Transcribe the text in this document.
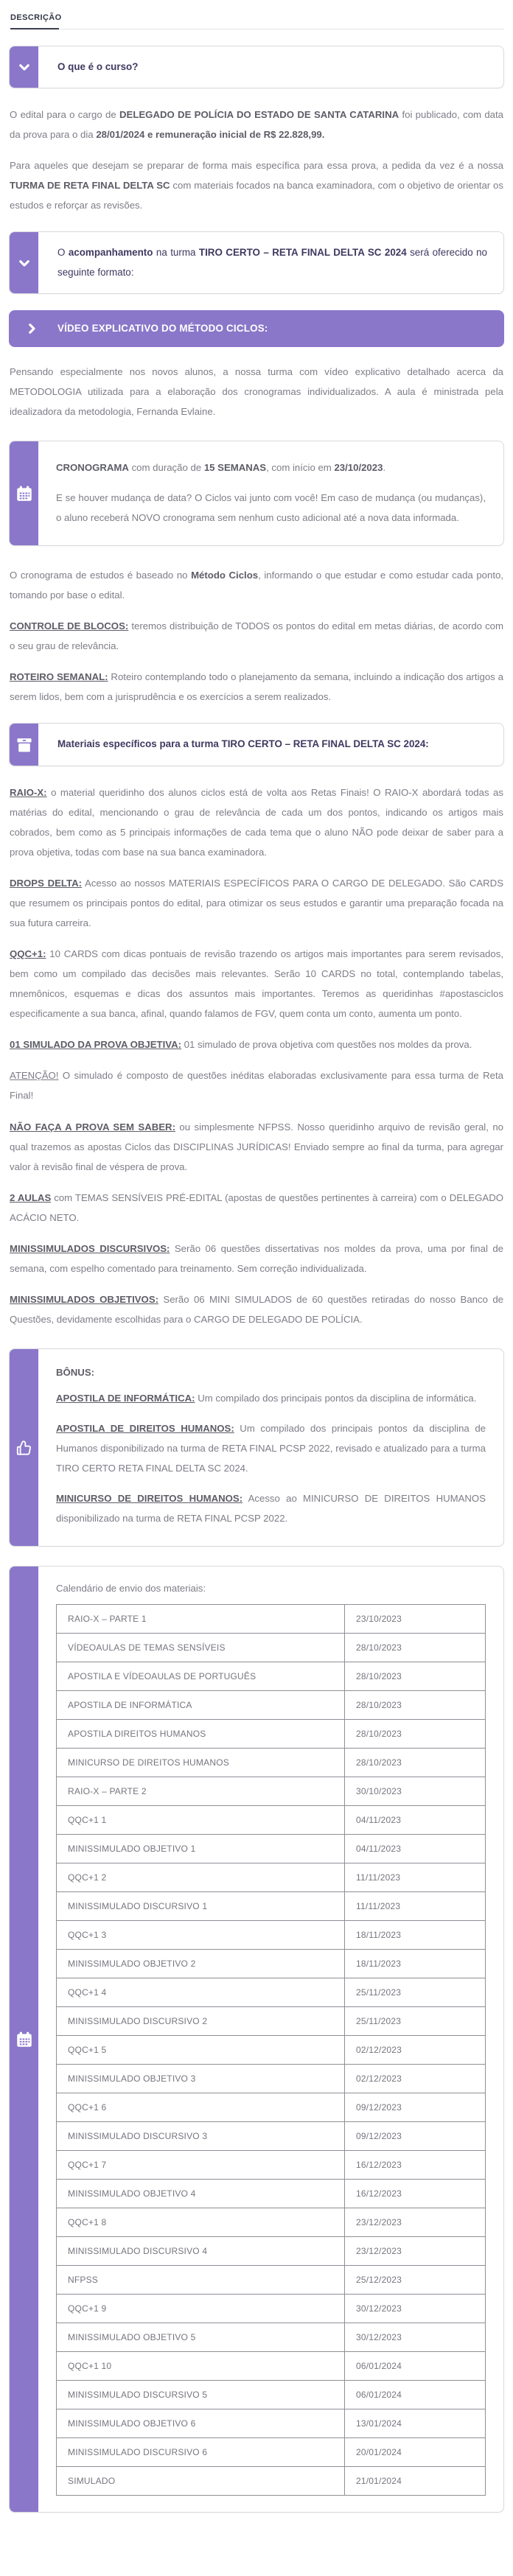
DESCRIÇÃO
O que é o curso?

O edital para o cargo de DELEGADO DE POLÍCIA DO ESTADO DE SANTA CATARINA foi publicado, com data da prova para o dia 28/01/2024 e remuneração inicial de R$ 22.828,99.

Para aqueles que desejam se preparar de forma mais específica para essa prova, a pedida da vez é a nossa TURMA DE RETA FINAL DELTA SC com materiais focados na banca examinadora, com o objetivo de orientar os estudos e reforçar as revisões.

O acompanhamento na turma TIRO CERTO – RETA FINAL DELTA SC 2024 será oferecido no seguinte formato:
VÍDEO EXPLICATIVO DO MÉTODO CICLOS:

Pensando especialmente nos novos alunos, a nossa turma com vídeo explicativo detalhado acerca da METODOLOGIA utilizada para a elaboração dos cronogramas individualizados. A aula é ministrada pela idealizadora da metodologia, Fernanda Evlaine.

CRONOGRAMA com duração de 15 SEMANAS, com início em 23/10/2023.

E se houver mudança de data? O Ciclos vai junto com você! Em caso de mudança (ou mudanças), o aluno receberá NOVO cronograma sem nenhum custo adicional até a nova data informada.

O cronograma de estudos é baseado no Método Ciclos, informando o que estudar e como estudar cada ponto, tomando por base o edital.

CONTROLE DE BLOCOS: teremos distribuição de TODOS os pontos do edital em metas diárias, de acordo com o seu grau de relevância.

ROTEIRO SEMANAL: Roteiro contemplando todo o planejamento da semana, incluindo a indicação dos artigos a serem lidos, bem com a jurisprudência e os exercícios a serem realizados.

Materiais específicos para a turma TIRO CERTO – RETA FINAL DELTA SC 2024:

RAIO-X: o material queridinho dos alunos ciclos está de volta aos Retas Finais! O RAIO-X abordará todas as matérias do edital, mencionando o grau de relevância de cada um dos pontos, indicando os artigos mais cobrados, bem como as 5 principais informações de cada tema que o aluno NÃO pode deixar de saber para a prova objetiva, todas com base na sua banca examinadora.

DROPS DELTA: Acesso ao nossos MATERIAIS ESPECÍFICOS PARA O CARGO DE DELEGADO. São CARDS que resumem os principais pontos do edital, para otimizar os seus estudos e garantir uma preparação focada na sua futura carreira.

QQC+1: 10 CARDS com dicas pontuais de revisão trazendo os artigos mais importantes para serem revisados, bem como um compilado das decisões mais relevantes. Serão 10 CARDS no total, contemplando tabelas, mnemônicos, esquemas e dicas dos assuntos mais importantes. Teremos as queridinhas #apostasciclos especificamente a sua banca, afinal, quando falamos de FGV, quem conta um conto, aumenta um ponto.

01 SIMULADO DA PROVA OBJETIVA: 01 simulado de prova objetiva com questões nos moldes da prova.

ATENÇÃO! O simulado é composto de questões inéditas elaboradas exclusivamente para essa turma de Reta Final!

NÃO FAÇA A PROVA SEM SABER: ou simplesmente NFPSS. Nosso queridinho arquivo de revisão geral, no qual trazemos as apostas Ciclos das DISCIPLINAS JURÍDICAS! Enviado sempre ao final da turma, para agregar valor à revisão final de véspera de prova.

2 AULAS com TEMAS SENSÍVEIS PRÉ-EDITAL (apostas de questões pertinentes à carreira) com o DELEGADO ACÁCIO NETO.

MINISSIMULADOS DISCURSIVOS: Serão 06 questões dissertativas nos moldes da prova, uma por final de semana, com espelho comentado para treinamento. Sem correção individualizada.

MINISSIMULADOS OBJETIVOS: Serão 06 MINI SIMULADOS de 60 questões retiradas do nosso Banco de Questões, devidamente escolhidas para o CARGO DE DELEGADO DE POLÍCIA.

BÔNUS:

APOSTILA DE INFORMÁTICA: Um compilado dos principais pontos da disciplina de informática.

APOSTILA DE DIREITOS HUMANOS: Um compilado dos principais pontos da disciplina de Humanos disponibilizado na turma de RETA FINAL PCSP 2022, revisado e atualizado para a turma TIRO CERTO RETA FINAL DELTA SC 2024.

MINICURSO DE DIREITOS HUMANOS: Acesso ao MINICURSO DE DIREITOS HUMANOS disponibilizado na turma de RETA FINAL PCSP 2022.

Calendário de envio dos materiais:

RAIO-X – PARTE 1	23/10/2023
VÍDEOAULAS DE TEMAS SENSÍVEIS	28/10/2023
APOSTILA E VÍDEOAULAS DE PORTUGUÊS	28/10/2023
APOSTILA DE INFORMÁTICA	28/10/2023
APOSTILA DIREITOS HUMANOS	28/10/2023
MINICURSO DE DIREITOS HUMANOS	28/10/2023
RAIO-X – PARTE 2	30/10/2023
QQC+1 1	04/11/2023
MINISSIMULADO OBJETIVO 1	04/11/2023
QQC+1 2	11/11/2023
MINISSIMULADO DISCURSIVO 1	11/11/2023
QQC+1 3	18/11/2023
MINISSIMULADO OBJETIVO 2	18/11/2023
QQC+1 4	25/11/2023
MINISSIMULADO DISCURSIVO 2	25/11/2023
QQC+1 5	02/12/2023
MINISSIMULADO OBJETIVO 3	02/12/2023
QQC+1 6	09/12/2023
MINISSIMULADO DISCURSIVO 3	09/12/2023
QQC+1 7	16/12/2023
MINISSIMULADO OBJETIVO 4	16/12/2023
QQC+1 8	23/12/2023
MINISSIMULADO DISCURSIVO 4	23/12/2023
NFPSS	25/12/2023
QQC+1 9	30/12/2023
MINISSIMULADO OBJETIVO 5	30/12/2023
QQC+1 10	06/01/2024
MINISSIMULADO DISCURSIVO 5	06/01/2024
MINISSIMULADO OBJETIVO 6	13/01/2024
MINISSIMULADO DISCURSIVO 6	20/01/2024
SIMULADO	21/01/2024
